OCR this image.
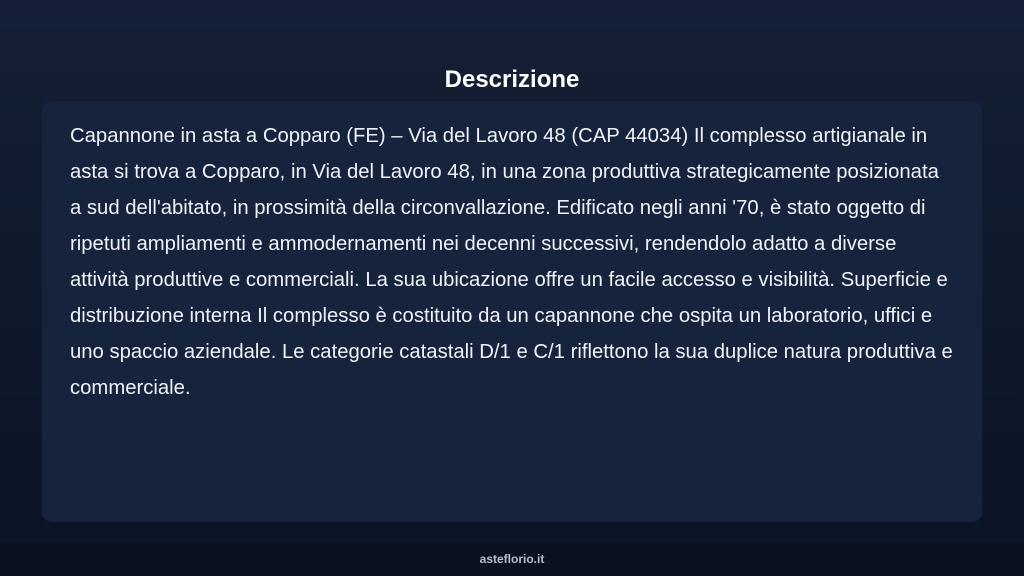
Descrizione

Capannone in asta a Copparo (FE) – Via del Lavoro 48 (CAP 44034) Il complesso artigianale in asta si trova a Copparo, in Via del Lavoro 48, in una zona produttiva strategicamente posizionata a sud dell'abitato, in prossimità della circonvallazione. Edificato negli anni '70, è stato oggetto di ripetuti ampliamenti e ammodernamenti nei decenni successivi, rendendolo adatto a diverse attività produttive e commerciali. La sua ubicazione offre un facile accesso e visibilità. Superficie e distribuzione interna Il complesso è costituito da un capannone che ospita un laboratorio, uffici e uno spaccio aziendale. Le categorie catastali D/1 e C/1 riflettono la sua duplice natura produttiva e commerciale.

asteflorio.it
